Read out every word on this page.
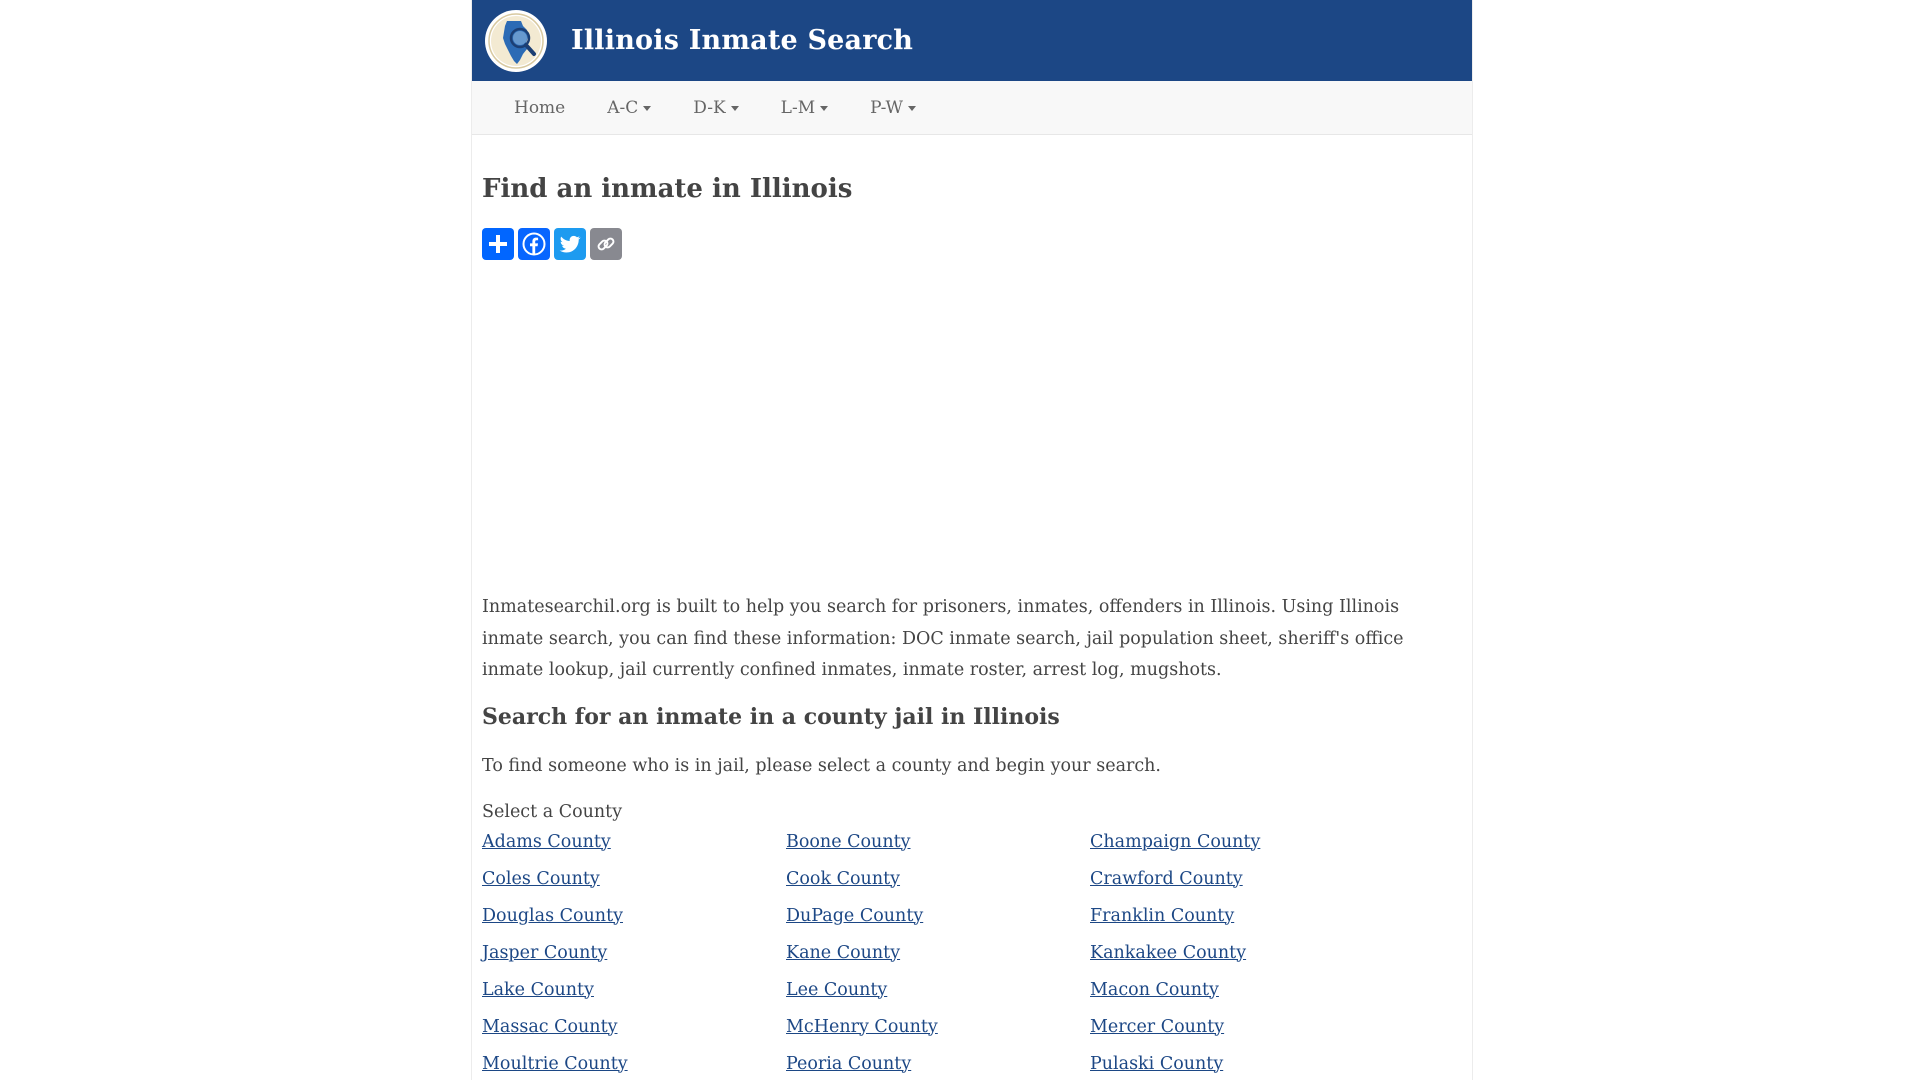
Illinois Inmate Search
Home A-C	D-K	L-M	P-W
Find an inmate in Illinois

Inmatesearchil.org is built to help you search for prisoners, inmates, offenders in Illinois. Using Illinois inmate search, you can find these information: DOC inmate search, jail population sheet, sheriff's office inmate lookup, jail currently confined inmates, inmate roster, arrest log, mugshots.

Search for an inmate in a county jail in Illinois

To find someone who is in jail, please select a county and begin your search.

Select a County

Adams County	Boone County	Champaign County
Coles County	Cook County	Crawford County
Douglas County	DuPage County	Franklin County
Jasper County	Kane County	Kankakee County
Lake County	Lee County	Macon County
Massac County	McHenry County	Mercer County
Moultrie County	Peoria County	Pulaski County
